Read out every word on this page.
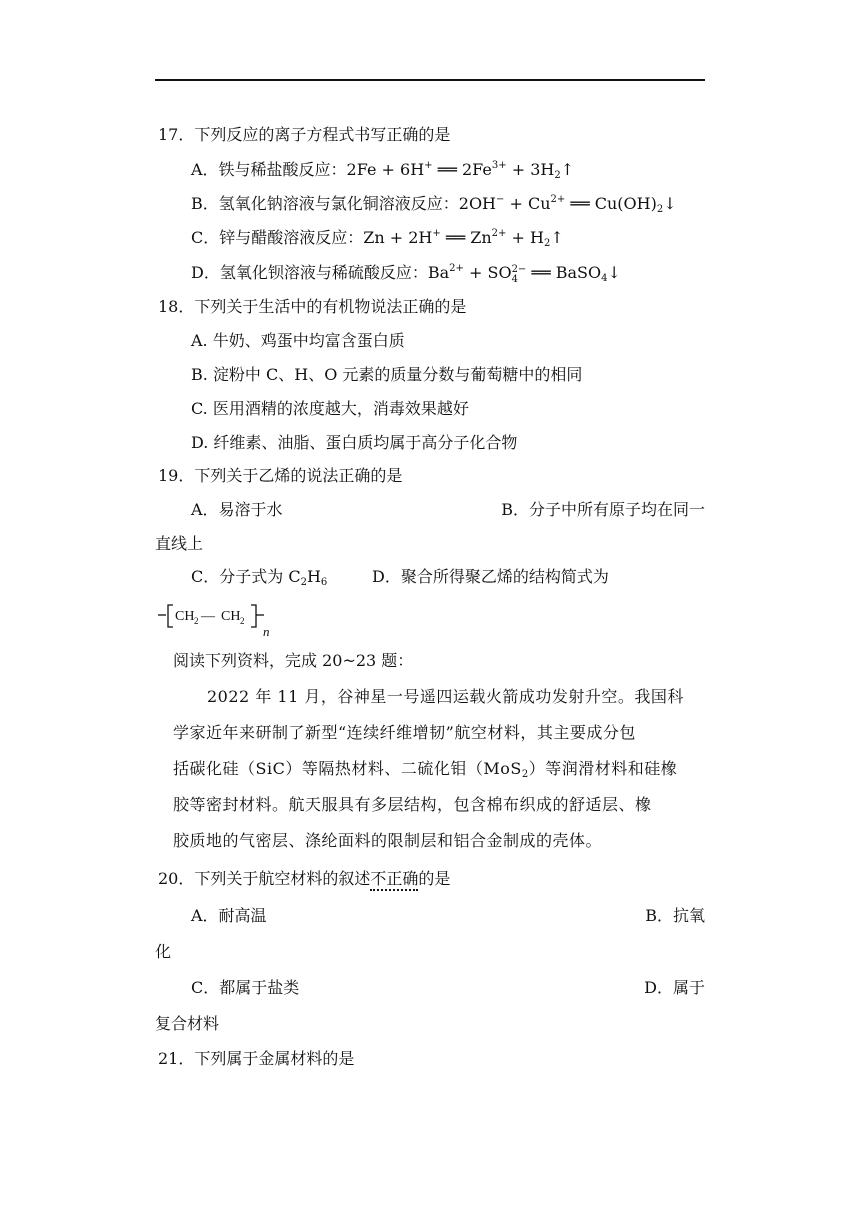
17．下列反应的离子方程式书写正确的是
A．铁与稀盐酸反应：2Fe + 6H+ ══ $2Fe^{3+}$ + $3H_2↑$
B．氢氧化钠溶液与氯化铜溶液反应：$2OH^- + Cu^{2+}$ ══ $Cu(OH)_2↓$
C．锌与醋酸溶液反应：Zn + 2H+ ══ $Zn^{2+}$ + $H_2↑$
D．氢氧化钡溶液与稀硫酸反应：$Ba^{2+}$ + SO 2−
4 ══ BaSO$_4$↓
18．下列关于生活中的有机物说法正确的是
A. 牛奶、鸡蛋中均富含蛋白质
B. 淀粉中 C、H、O 元素的质量分数与葡萄糖中的相同
C. 医用酒精的浓度越大，消毒效果越好
D. 纤维素、油脂、蛋白质均属于高分子化合物
19．下列关于乙烯的说法正确的是
A．易溶于水	B．分子中所有原子均在同一
直线上
C．分子式为 $C_2H_6$	D．聚合所得聚乙烯的结构简式为
CH 2 — CH 2
n
阅读下列资料，完成 20~23 题：
2022 年 11 月，谷神星一号遥四运载火箭成功发射升空。我国科
学家近年来研制了新型“连续纤维增韧”航空材料，其主要成分包
括碳化硅（SiC）等隔热材料、二硫化钼（MoS$_2$）等润滑材料和硅橡
胶等密封材料。航天服具有多层结构，包含棉布织成的舒适层、橡
胶质地的气密层、涤纶面料的限制层和铝合金制成的壳体。
20．下列关于航空材料的叙述不正确的是
A．耐高温	B．抗氧
化
C．都属于盐类	D．属于
复合材料
21．下列属于金属材料的是
